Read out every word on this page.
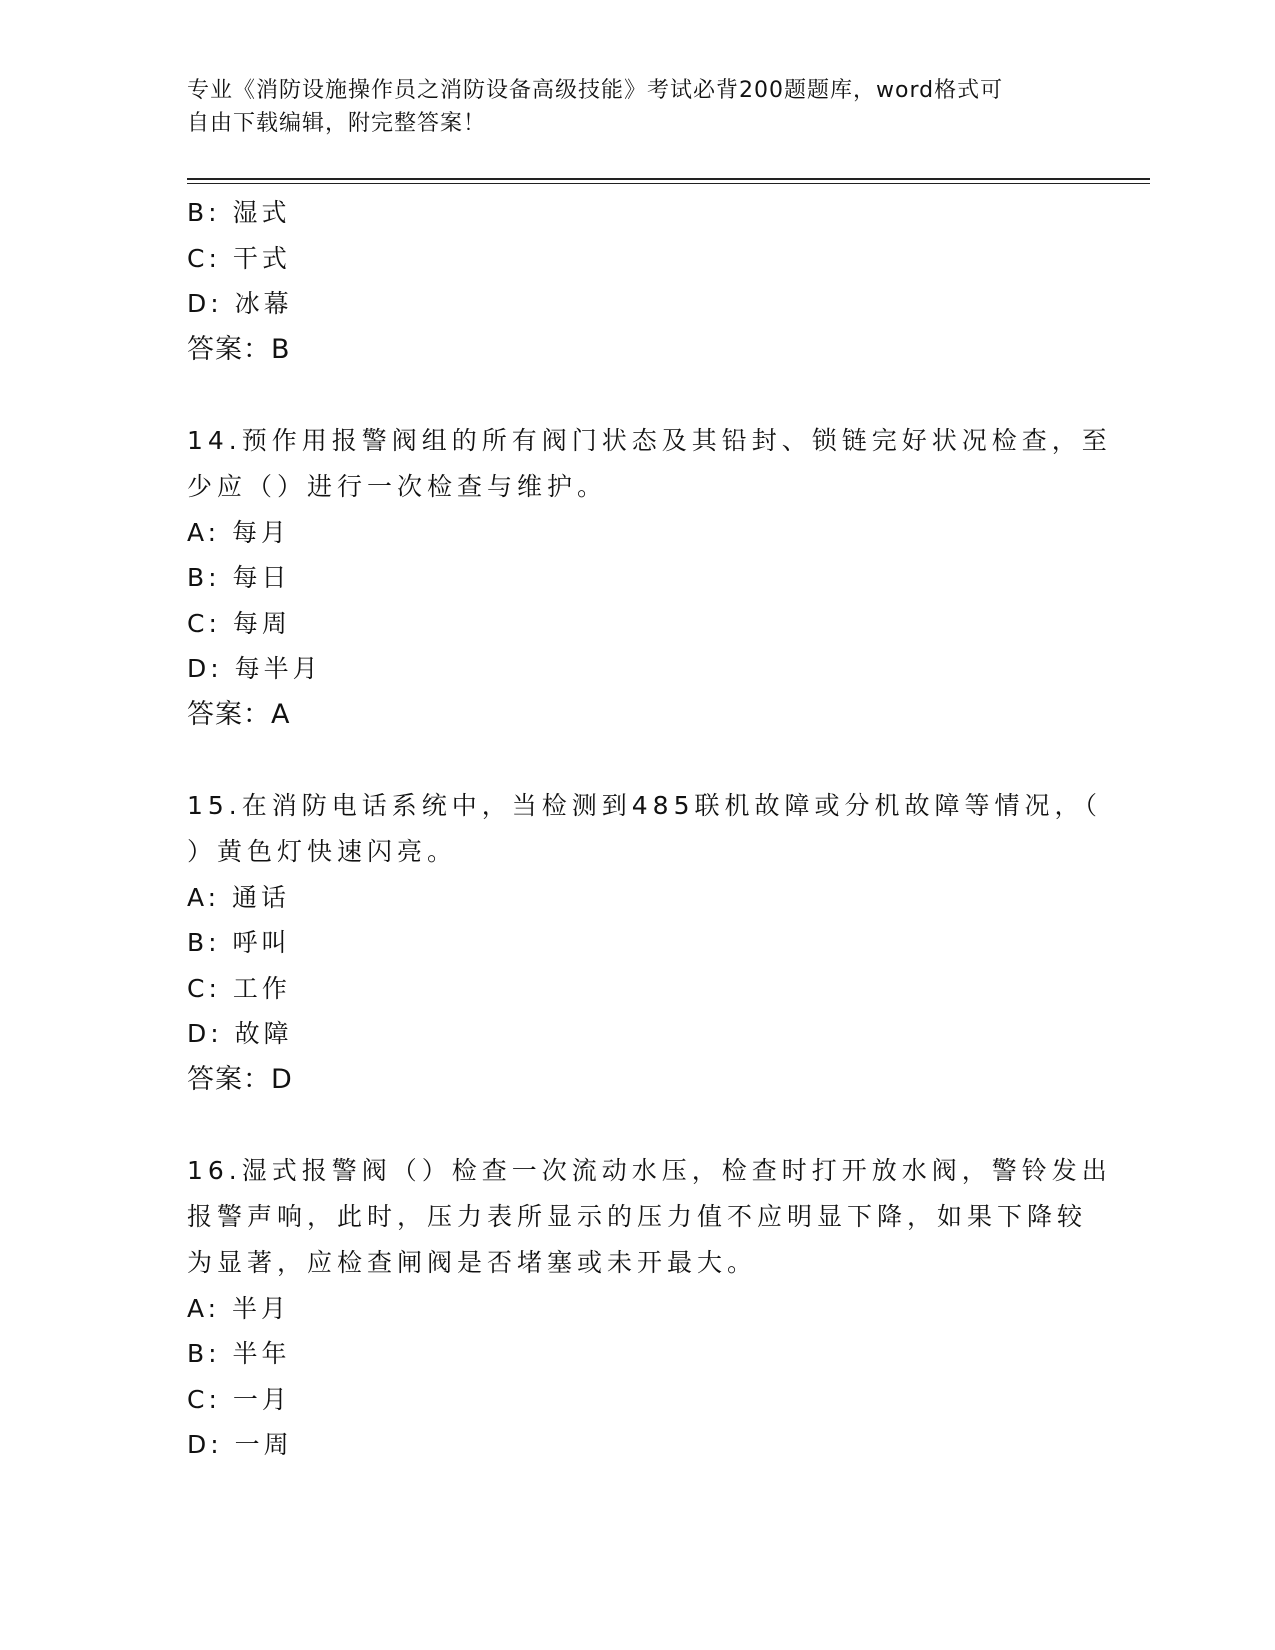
专业《消防设施操作员之消防设备高级技能》考试必背200题题库，word格式可
自由下载编辑，附完整答案！
B: 湿式
C: 干式
D: 冰幕
答案：B
14.预作用报警阀组的所有阀门状态及其铅封、锁链完好状况检查，至
少应（）进行一次检查与维护。
A: 每月
B: 每日
C: 每周
D: 每半月
答案：A
15.在消防电话系统中，当检测到485联机故障或分机故障等情况，（
）黄色灯快速闪亮。
A: 通话
B: 呼叫
C: 工作
D: 故障
答案：D
16.湿式报警阀（）检查一次流动水压，检查时打开放水阀，警铃发出
报警声响，此时，压力表所显示的压力值不应明显下降，如果下降较
为显著，应检查闸阀是否堵塞或未开最大。
A: 半月
B: 半年
C: 一月
D: 一周
